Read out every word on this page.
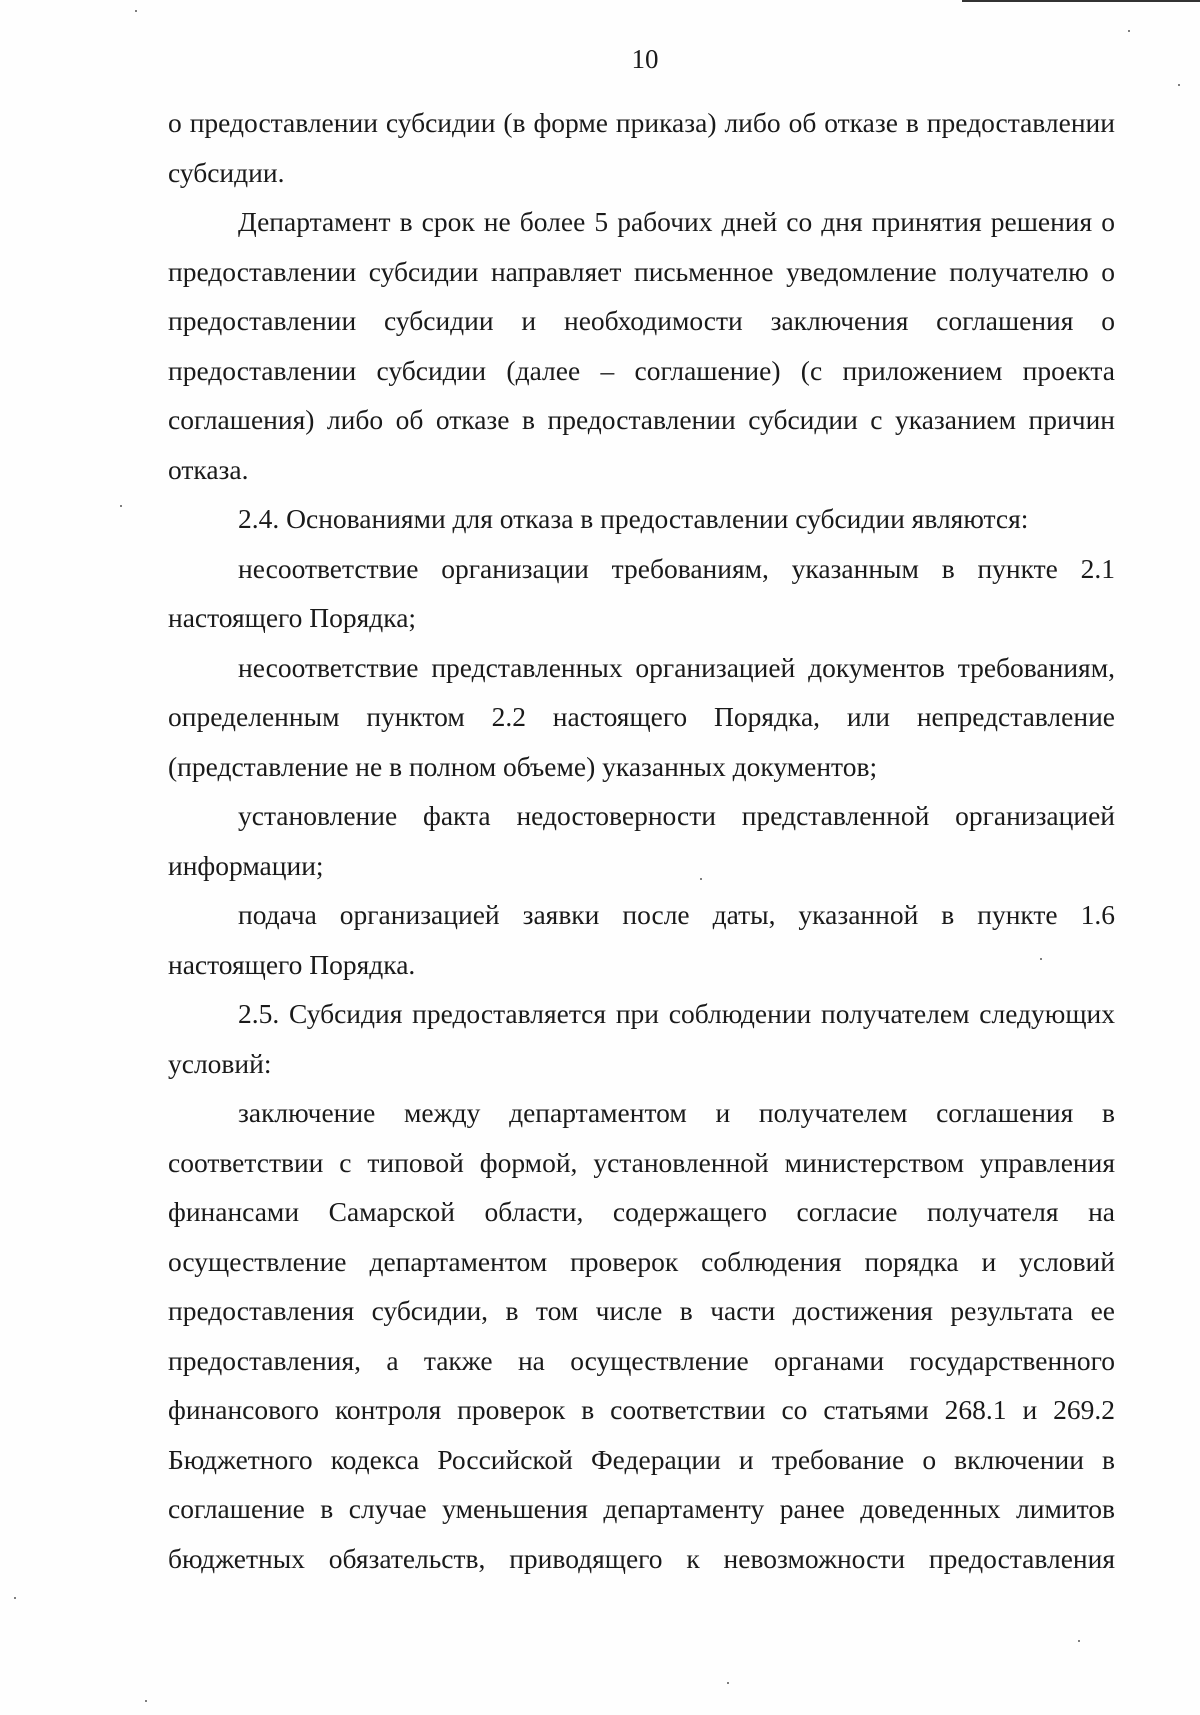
10

о предоставлении субсидии (в форме приказа) либо об отказе в предоставлении субсидии.

Департамент в срок не более 5 рабочих дней со дня принятия решения о предоставлении субсидии направляет письменное уведомление получателю о предоставлении субсидии и необходимости заключения соглашения о предоставлении субсидии (далее – соглашение) (с приложением проекта соглашения) либо об отказе в предоставлении субсидии с указанием причин отказа.

2.4. Основаниями для отказа в предоставлении субсидии являются:

несоответствие организации требованиям, указанным в пункте 2.1 настоящего Порядка;

несоответствие представленных организацией документов требованиям, определенным пунктом 2.2 настоящего Порядка, или непредставление (представление не в полном объеме) указанных документов;

установление факта недостоверности представленной организацией информации;

подача организацией заявки после даты, указанной в пункте 1.6 настоящего Порядка.

2.5. Субсидия предоставляется при соблюдении получателем следующих условий:

заключение между департаментом и получателем соглашения в соответствии с типовой формой, установленной министерством управления финансами Самарской области, содержащего согласие получателя на осуществление департаментом проверок соблюдения порядка и условий предоставления субсидии, в том числе в части достижения результата ее предоставления, а также на осуществление органами государственного финансового контроля проверок в соответствии со статьями 268.1 и 269.2 Бюджетного кодекса Российской Федерации и требование о включении в соглашение в случае уменьшения департаменту ранее доведенных лимитов бюджетных обязательств, приводящего к невозможности предоставления
